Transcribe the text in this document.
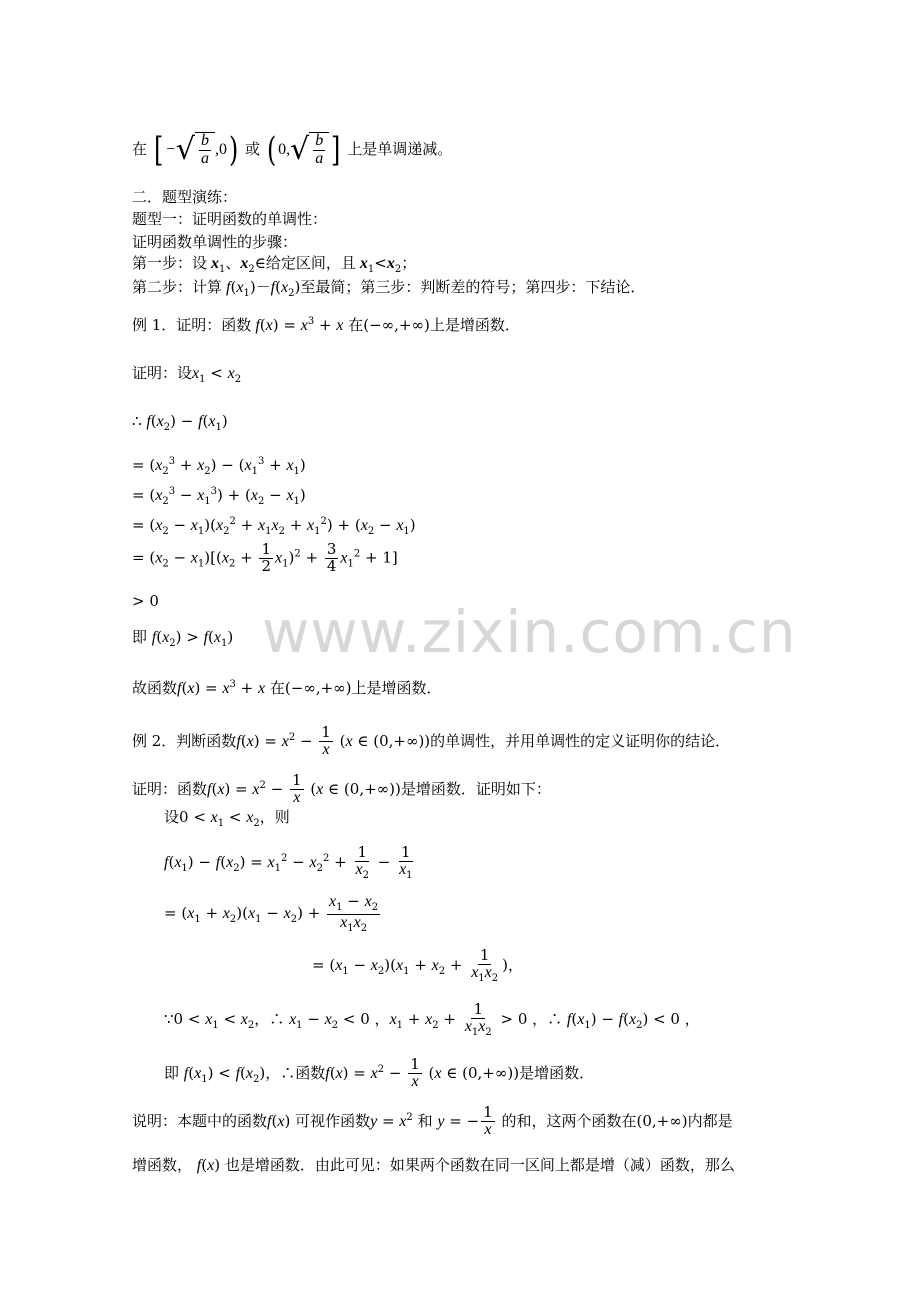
在 [ − √ $\frac{b}{a} ,0$) 或 ( 0, √ $\frac{b}{a}$ ] 上是单调递减。
二．题型演练：
题型一：证明函数的单调性：
证明函数单调性的步骤：
第一步：设 $x_1$、$x_2\in$给定区间，且 $x_1<x_2$；
第二步：计算 $f(x_1)-f(x_2)$至最简；第三步：判断差的符号；第四步：下结论．
例 1．证明：函数 $f(x) = x^3 + x$ 在(−∞,+∞)上是增函数．
证明：设$x_1 < x_2$
∴ $f(x_2) - f(x_1)$
= $(x_2^3 + x_2) - (x_1^3 + x_1)$
= $(x_2^3 - x_1^3) + (x_2 - x_1)$
= $(x_2 - x_1)(x_2^2 + x_1x_2 + x_1^2) + (x_2 - x_1)$
= $(x_2 - x_1)[(x_2 + \frac{1}{2} x_1)^2 + \frac{3}{4} x_1^2 + 1]$
> 0 www.zixin.com.cn
即 $f(x_2) > f(x_1)$
故函数$f(x) = x^3 + x$ 在(−∞,+∞)上是增函数．
例 2．判断函数$f(x) = x^2 - \frac{1}{x} (x$ ∈ (0,+∞))的单调性，并用单调性的定义证明你的结论．
证明：函数$f(x) = x^2 - \frac{1}{x} (x$ ∈ (0,+∞))是增函数．证明如下：
设$0 < x_1 < x_2$，则
$f(x_1) - f(x_2) = x_1^2 - x_2^2 + \frac{1}{x_2} - \frac{1}{x_1}$
= $(x_1 + x_2)(x_1 - x_2) + \frac{x_1 - x_2}{x_1x_2}$
= $(x_1 - x_2)(x_1 + x_2 + \frac{1}{x_1x_2}$ )，
∵0 < $x_1 < x_2$，∴ $x_1 - x_2 < 0$ ，$x_1 + x_2 + \frac{1}{x_1x_2} > 0$ ，∴ $f(x_1) - f(x_2) < 0$ ，
即 $f(x_1) < f(x_2)$，∴函数$f(x) = x^2 - \frac{1}{x} (x$ ∈ (0,+∞))是增函数．
说明：本题中的函数f(x) 可视作函数$y = x^2$ 和 y = − $\frac{1}{x}$ 的和，这两个函数在(0,+∞)内都是
增函数， f(x) 也是增函数．由此可见：如果两个函数在同一区间上都是增（减）函数，那么
